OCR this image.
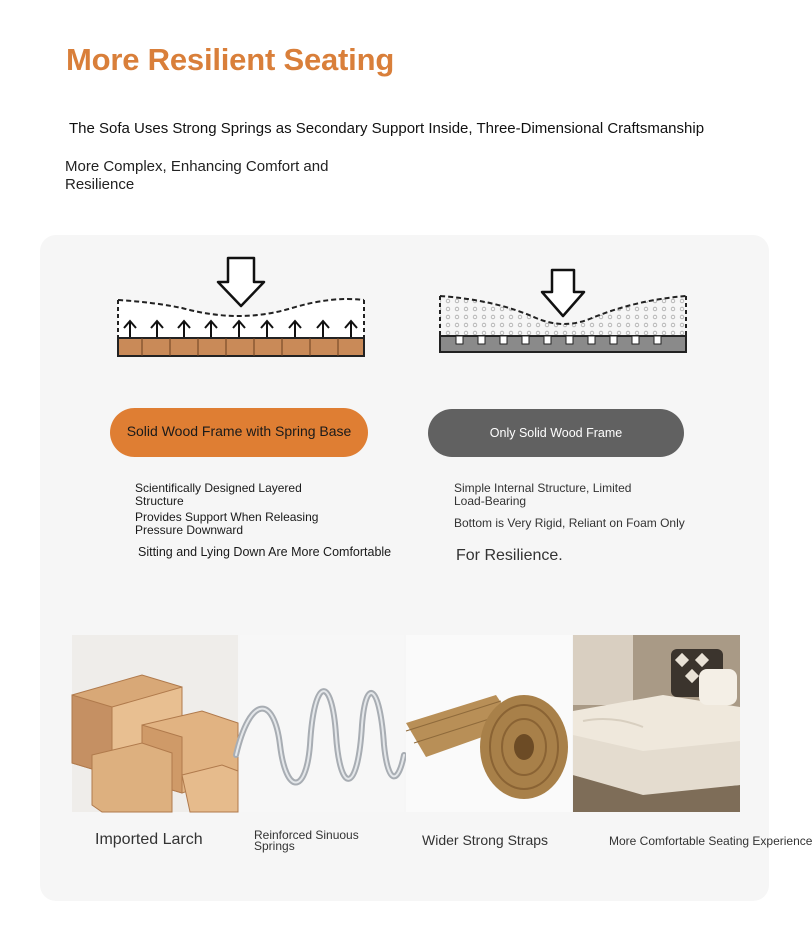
More Resilient Seating
The Sofa Uses Strong Springs as Secondary Support Inside, Three-Dimensional Craftsmanship
More Complex, Enhancing Comfort and Resilience
Solid Wood Frame with Spring Base	Only Solid Wood Frame
Scientifically Designed Layered Structure
Provides Support When Releasing Pressure Downward
Sitting and Lying Down Are More Comfortable
Simple Internal Structure, Limited Load-Bearing
Bottom is Very Rigid, Reliant on Foam Only
For Resilience.
Imported Larch	Reinforced Sinuous Springs	Wider Strong Straps	More Comfortable Seating Experience
